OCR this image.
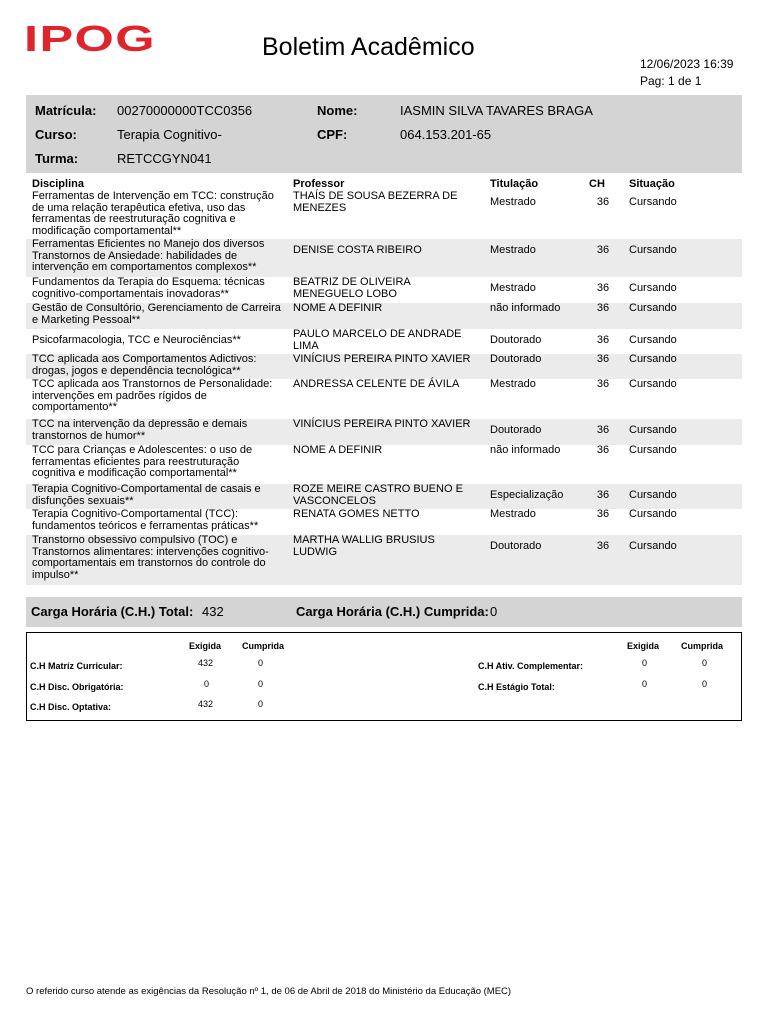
IPOG	Boletim Acadêmico
12/06/2023 16:39
Pag: 1 de 1
Matrícula: 00270000000TCC0356	Nome:	IASMIN SILVA TAVARES BRAGA
Curso:	Terapia Cognitivo-	CPF:	064.153.201-65
Turma:	RETCCGYN041
Disciplina	Professor	Titulação	CH	Situação
Ferramentas de Intervenção em TCC: construção de uma relação terapêutica efetiva, uso das ferramentas de reestruturação cognitiva e modificação comportamental**	THAÍS DE SOUSA BEZERRA DE MENEZES	Mestrado	36	Cursando
Ferramentas Eficientes no Manejo dos diversos Transtornos de Ansiedade: habilidades de intervenção em comportamentos complexos**	DENISE COSTA RIBEIRO	Mestrado	36	Cursando
Fundamentos da Terapia do Esquema: técnicas cognitivo-comportamentais inovadoras**	BEATRIZ DE OLIVEIRA MENEGUELO LOBO	Mestrado	36	Cursando
Gestão de Consultório, Gerenciamento de Carreira e Marketing Pessoal**	NOME A DEFINIR	não informado	36	Cursando
Psicofarmacologia, TCC e Neurociências**	PAULO MARCELO DE ANDRADE LIMA	Doutorado	36	Cursando
TCC aplicada aos Comportamentos Adictivos: drogas, jogos e dependência tecnológica**	VINÍCIUS PEREIRA PINTO XAVIER	Doutorado	36	Cursando
TCC aplicada aos Transtornos de Personalidade: intervenções em padrões rígidos de comportamento**	ANDRESSA CELENTE DE ÁVILA	Mestrado	36	Cursando
TCC na intervenção da depressão e demais transtornos de humor**	VINÍCIUS PEREIRA PINTO XAVIER	Doutorado	36	Cursando
TCC para Crianças e Adolescentes: o uso de ferramentas eficientes para reestruturação cognitiva e modificação comportamental**	NOME A DEFINIR	não informado	36	Cursando
Terapia Cognitivo-Comportamental de casais e disfunções sexuais**	ROZE MEIRE CASTRO BUENO E VASCONCELOS	Especialização	36	Cursando
Terapia Cognitivo-Comportamental (TCC): fundamentos teóricos e ferramentas práticas**	RENATA GOMES NETTO	Mestrado	36	Cursando
Transtorno obsessivo compulsivo (TOC) e Transtornos alimentares: intervenções cognitivo-comportamentais em transtornos do controle do impulso**	MARTHA WALLIG BRUSIUS LUDWIG	Doutorado	36	Cursando
Carga Horária (C.H.) Total: 432	Carga Horária (C.H.) Cumprida: 0
Exigida Cumprida	Exigida Cumprida
C.H Matríz Curricular:	432	0
C.H Disc. Obrigatória:	0	0
C.H Disc. Optativa:	432	0
C.H Ativ. Complementar:	0	0
C.H Estágio Total:	0	0
O referido curso atende as exigências da Resolução nº 1, de 06 de Abril de 2018 do Ministério da Educação (MEC)
